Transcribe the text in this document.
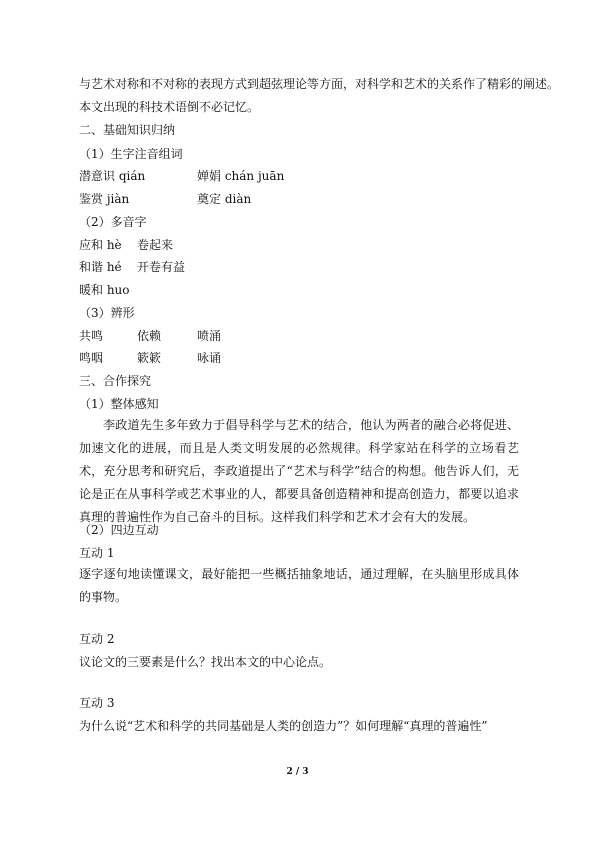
与艺术对称和不对称的表现方式到超弦理论等方面，对科学和艺术的关系作了精彩的阐述。
本文出现的科技术语倒不必记忆。
二、基础知识归纳
（1）生字注音组词
潜意识 qián	婵娟 chán juān
鉴赏 jiàn	奠定 diàn
（2）多音字
应和 hè 卷起来
和谐 hé 开卷有益
暖和 huo
（3）辨形
共鸣	依赖	喷涌
鸣咽	簌簌	咏诵
三、合作探究
（1）整体感知

李政道先生多年致力于倡导科学与艺术的结合，他认为两者的融合必将促进、加速文化的进展，而且是人类文明发展的必然规律。科学家站在科学的立场看艺术，充分思考和研究后，李政道提出了“艺术与科学”结合的构想。他告诉人们，无论是正在从事科学或艺术事业的人，都要具备创造精神和提高创造力，都要以追求真理的普遍性作为自己奋斗的目标。这样我们科学和艺术才会有大的发展。

（2）四边互动
互动 1

逐字逐句地读懂课文，最好能把一些概括抽象地话，通过理解，在头脑里形成具体的事物。

互动 2
议论文的三要素是什么？找出本文的中心论点。
互动 3
为什么说“艺术和科学的共同基础是人类的创造力”？如何理解“真理的普遍性”
2 / 3
